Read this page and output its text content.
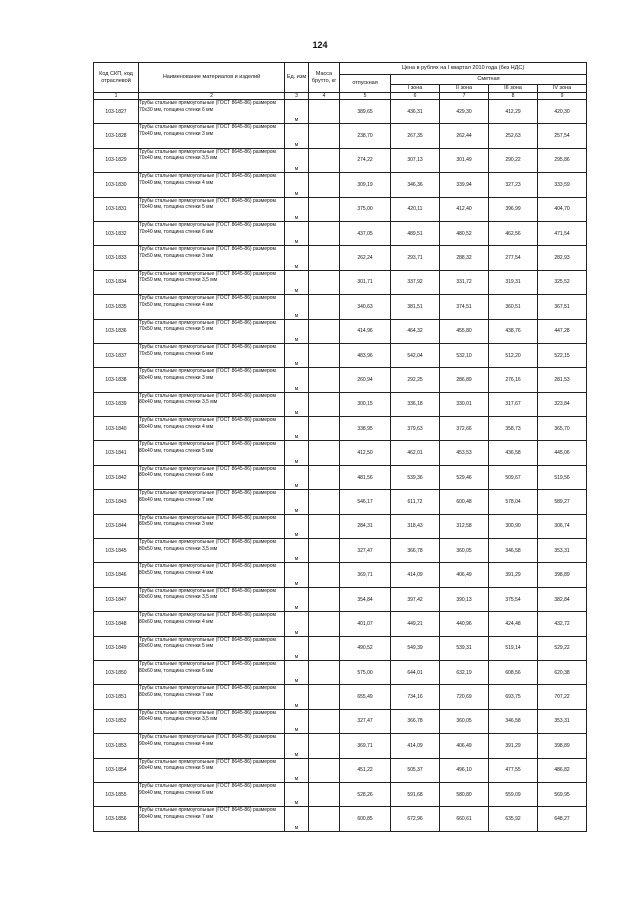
124
Код СКП, код отраслевой	Наименование материалов и изделий	Ед. изм	Масса брутто, кг	Цена в рублях на I квартал 2010 года (без НДС)				
				отпускная	Сметная			
					I зона	II зона	III зона	IV зона
1	2	3	4	5	6	7	8	9
103-1827	Трубы стальные прямоугольные (ГОСТ 8645-86) размером 70х30 мм, толщина стенки 6 мм	м		389,65	436,31	429,30	412,29	420,30
103-1828	Трубы стальные прямоугольные (ГОСТ 8645-86) размером 70х40 мм, толщина стенки 3 мм	м		238,70	267,35	262,44	252,63	257,54
103-1829	Трубы стальные прямоугольные (ГОСТ 8645-86) размером 70х40 мм, толщина стенки 3,5 мм	м		274,22	307,13	301,49	290,22	295,86
103-1830	Трубы стальные прямоугольные (ГОСТ 8645-86) размером 70х40 мм, толщина стенки 4 мм	м		309,19	346,36	339,94	327,23	333,59
103-1831	Трубы стальные прямоугольные (ГОСТ 8645-86) размером 70х40 мм, толщина стенки 5 мм	м		375,00	420,11	412,40	396,99	404,70
103-1832	Трубы стальные прямоугольные (ГОСТ 8645-86) размером 70х40 мм, толщина стенки 6 мм	м		437,05	489,51	480,52	462,56	471,54
103-1833	Трубы стальные прямоугольные (ГОСТ 8645-86) размером 70х50 мм, толщина стенки 3 мм	м		262,24	293,71	288,32	277,54	282,93
103-1834	Трубы стальные прямоугольные (ГОСТ 8645-86) размером 70х50 мм, толщина стенки 3,5 мм	м		301,71	337,92	331,72	319,31	325,52
103-1835	Трубы стальные прямоугольные (ГОСТ 8645-86) размером 70х50 мм, толщина стенки 4 мм	м		340,63	381,51	374,51	360,51	367,51
103-1836	Трубы стальные прямоугольные (ГОСТ 8645-86) размером 70х50 мм, толщина стенки 5 мм	м		414,96	464,32	455,80	438,76	447,28
103-1837	Трубы стальные прямоугольные (ГОСТ 8645-86) размером 70х50 мм, толщина стенки 6 мм	м		483,96	542,04	532,10	512,20	522,15
103-1838	Трубы стальные прямоугольные (ГОСТ 8645-86) размером 80х40 мм, толщина стенки 3 мм	м		260,94	292,25	286,89	276,16	281,53
103-1839	Трубы стальные прямоугольные (ГОСТ 8645-86) размером 80х40 мм, толщина стенки 3,5 мм	м		300,15	336,18	330,01	317,67	323,84
103-1840	Трубы стальные прямоугольные (ГОСТ 8645-86) размером 80х40 мм, толщина стенки 4 мм	м		338,95	379,63	372,66	358,73	365,70
103-1841	Трубы стальные прямоугольные (ГОСТ 8645-86) размером 80х40 мм, толщина стенки 5 мм	м		412,50	462,01	453,53	436,58	445,06
103-1842	Трубы стальные прямоугольные (ГОСТ 8645-86) размером 80х40 мм, толщина стенки 6 мм	м		481,56	539,36	529,46	509,67	519,56
103-1843	Трубы стальные прямоугольные (ГОСТ 8645-86) размером 80х40 мм, толщина стенки 7 мм	м		546,17	611,72	600,48	578,04	589,27
103-1844	Трубы стальные прямоугольные (ГОСТ 8645-86) размером 80х50 мм, толщина стенки 3 мм	м		284,31	318,43	312,58	300,90	306,74
103-1845	Трубы стальные прямоугольные (ГОСТ 8645-86) размером 80х50 мм, толщина стенки 3,5 мм	м		327,47	366,78	360,05	346,58	353,31
103-1846	Трубы стальные прямоугольные (ГОСТ 8645-86) размером 80х50 мм, толщина стенки 4 мм	м		369,71	414,09	406,49	391,29	398,89
103-1847	Трубы стальные прямоугольные (ГОСТ 8645-86) размером 80х60 мм, толщина стенки 3,5 мм	м		354,84	397,42	390,13	375,54	382,84
103-1848	Трубы стальные прямоугольные (ГОСТ 8645-86) размером 80х60 мм, толщина стенки 4 мм	м		401,07	449,21	440,96	424,48	432,72
103-1849	Трубы стальные прямоугольные (ГОСТ 8645-86) размером 80х60 мм, толщина стенки 5 мм	м		490,52	549,39	539,31	519,14	529,22
103-1850	Трубы стальные прямоугольные (ГОСТ 8645-86) размером 80х60 мм, толщина стенки 6 мм	м		575,00	644,01	632,19	608,56	620,38
103-1851	Трубы стальные прямоугольные (ГОСТ 8645-86) размером 80х60 мм, толщина стенки 7 мм	м		655,49	734,16	720,69	693,75	707,22
103-1852	Трубы стальные прямоугольные (ГОСТ 8645-86) размером 90х40 мм, толщина стенки 3,5 мм	м		327,47	366,78	360,05	346,58	353,31
103-1853	Трубы стальные прямоугольные (ГОСТ 8645-86) размером 90х40 мм, толщина стенки 4 мм	м		369,71	414,09	406,49	391,29	398,89
103-1854	Трубы стальные прямоугольные (ГОСТ 8645-86) размером 90х40 мм, толщина стенки 5 мм	м		451,22	505,37	496,10	477,55	486,82
103-1855	Трубы стальные прямоугольные (ГОСТ 8645-86) размером 90х40 мм, толщина стенки 6 мм	м		528,26	591,68	580,80	559,09	569,95
103-1856	Трубы стальные прямоугольные (ГОСТ 8645-86) размером 90х40 мм, толщина стенки 7 мм	м		600,85	672,96	660,61	635,92	648,27
